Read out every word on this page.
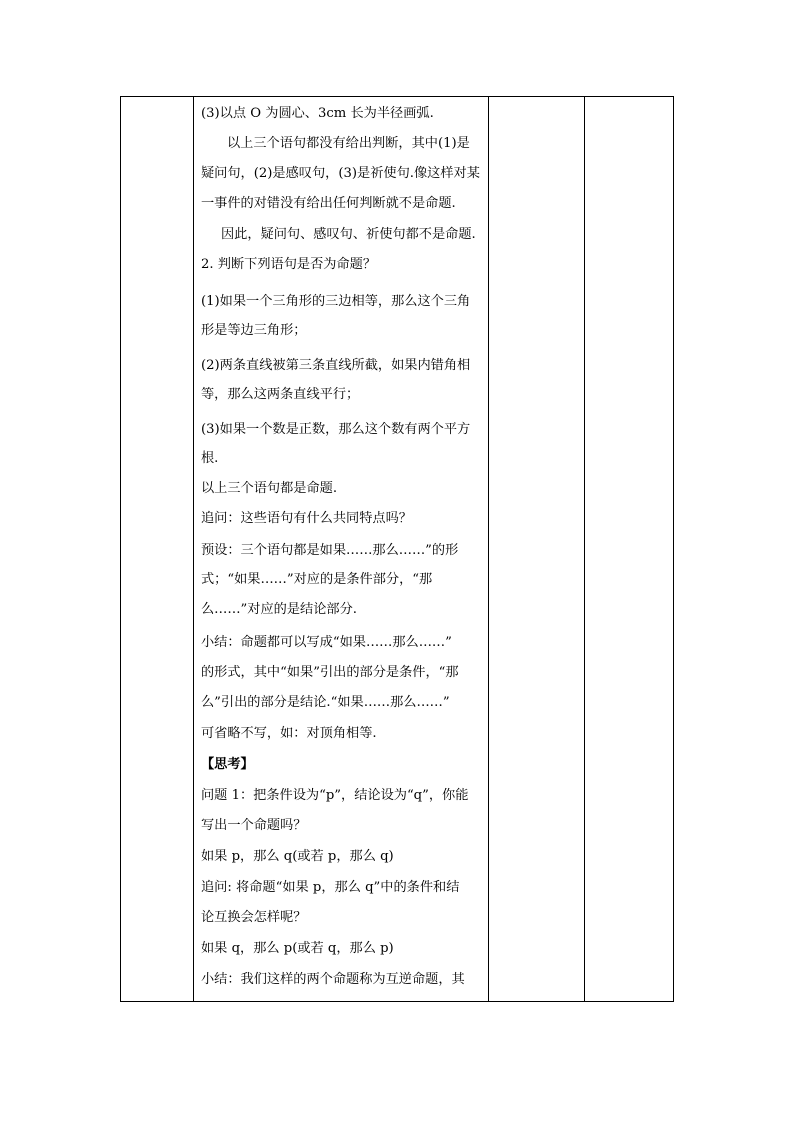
(3)以点 O 为圆心、3cm 长为半径画弧.
以上三个语句都没有给出判断，其中(1)是
疑问句，(2)是感叹句，(3)是祈使句.像这样对某
一事件的对错没有给出任何判断就不是命题.
因此，疑问句、感叹句、祈使句都不是命题.
2. 判断下列语句是否为命题？
(1)如果一个三角形的三边相等，那么这个三角
形是等边三角形；
(2)两条直线被第三条直线所截，如果内错角相
等，那么这两条直线平行；
(3)如果一个数是正数，那么这个数有两个平方
根.
以上三个语句都是命题.
追问：这些语句有什么共同特点吗？
预设：三个语句都是如果……那么……”的形
式；“如果……”对应的是条件部分，“那
么……”对应的是结论部分.
小结：命题都可以写成“如果……那么……”
的形式，其中“如果”引出的部分是条件，“那
么”引出的部分是结论.“如果……那么……”
可省略不写，如：对顶角相等.
【思考】
问题 1：把条件设为“p”，结论设为“q”，你能
写出一个命题吗？
如果 p，那么 q(或若 p，那么 q)
追问: 将命题“如果 p，那么 q”中的条件和结
论互换会怎样呢？
如果 q，那么 p(或若 q，那么 p)
小结：我们这样的两个命题称为互逆命题，其
